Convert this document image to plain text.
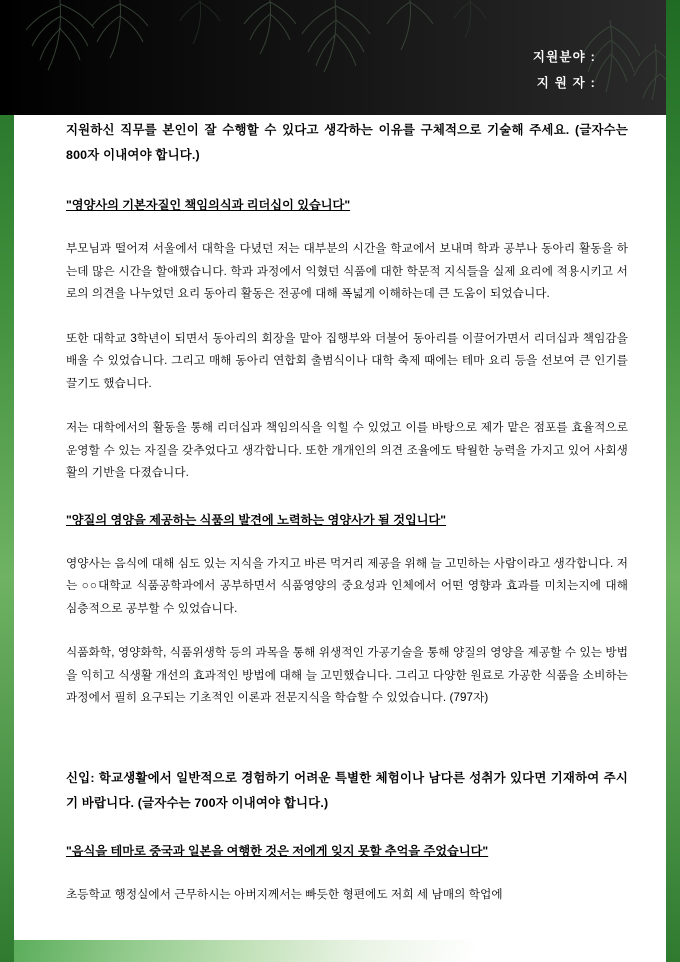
지원분야 :
지 원 자 :

지원하신 직무를 본인이 잘 수행할 수 있다고 생각하는 이유를 구체적으로 기술해 주세요. (글자수는 800자 이내여야 합니다.)

"영양사의 기본자질인 책임의식과 리더십이 있습니다"

부모님과 떨어져 서울에서 대학을 다녔던 저는 대부분의 시간을 학교에서 보내며 학과 공부나 동아리 활동을 하는데 많은 시간을 할애했습니다. 학과 과정에서 익혔던 식품에 대한 학문적 지식들을 실제 요리에 적용시키고 서로의 의견을 나누었던 요리 동아리 활동은 전공에 대해 폭넓게 이해하는데 큰 도움이 되었습니다.

또한 대학교 3학년이 되면서 동아리의 회장을 맡아 집행부와 더불어 동아리를 이끌어가면서 리더십과 책임감을 배울 수 있었습니다. 그리고 매해 동아리 연합회 출범식이나 대학 축제 때에는 테마 요리 등을 선보여 큰 인기를 끌기도 했습니다.

저는 대학에서의 활동을 통해 리더십과 책임의식을 익힐 수 있었고 이를 바탕으로 제가 맡은 점포를 효율적으로 운영할 수 있는 자질을 갖추었다고 생각합니다. 또한 개개인의 의견 조율에도 탁월한 능력을 가지고 있어 사회생활의 기반을 다졌습니다.

"양질의 영양을 제공하는 식품의 발견에 노력하는 영양사가 될 것입니다"

영양사는 음식에 대해 심도 있는 지식을 가지고 바른 먹거리 제공을 위해 늘 고민하는 사람이라고 생각합니다. 저는 ○○대학교 식품공학과에서 공부하면서 식품영양의 중요성과 인체에서 어떤 영향과 효과를 미치는지에 대해 심층적으로 공부할 수 있었습니다.

식품화학, 영양화학, 식품위생학 등의 과목을 통해 위생적인 가공기술을 통해 양질의 영양을 제공할 수 있는 방법을 익히고 식생활 개선의 효과적인 방법에 대해 늘 고민했습니다. 그리고 다양한 원료로 가공한 식품을 소비하는 과정에서 필히 요구되는 기초적인 이론과 전문지식을 학습할 수 있었습니다. (797자)

신입: 학교생활에서 일반적으로 경험하기 어려운 특별한 체험이나 남다른 성취가 있다면 기재하여 주시기 바랍니다. (글자수는 700자 이내여야 합니다.)

"음식을 테마로 중국과 일본을 여행한 것은 저에게 잊지 못할 추억을 주었습니다"

초등학교 행정실에서 근무하시는 아버지께서는 빠듯한 형편에도 저희 세 남매의 학업에
